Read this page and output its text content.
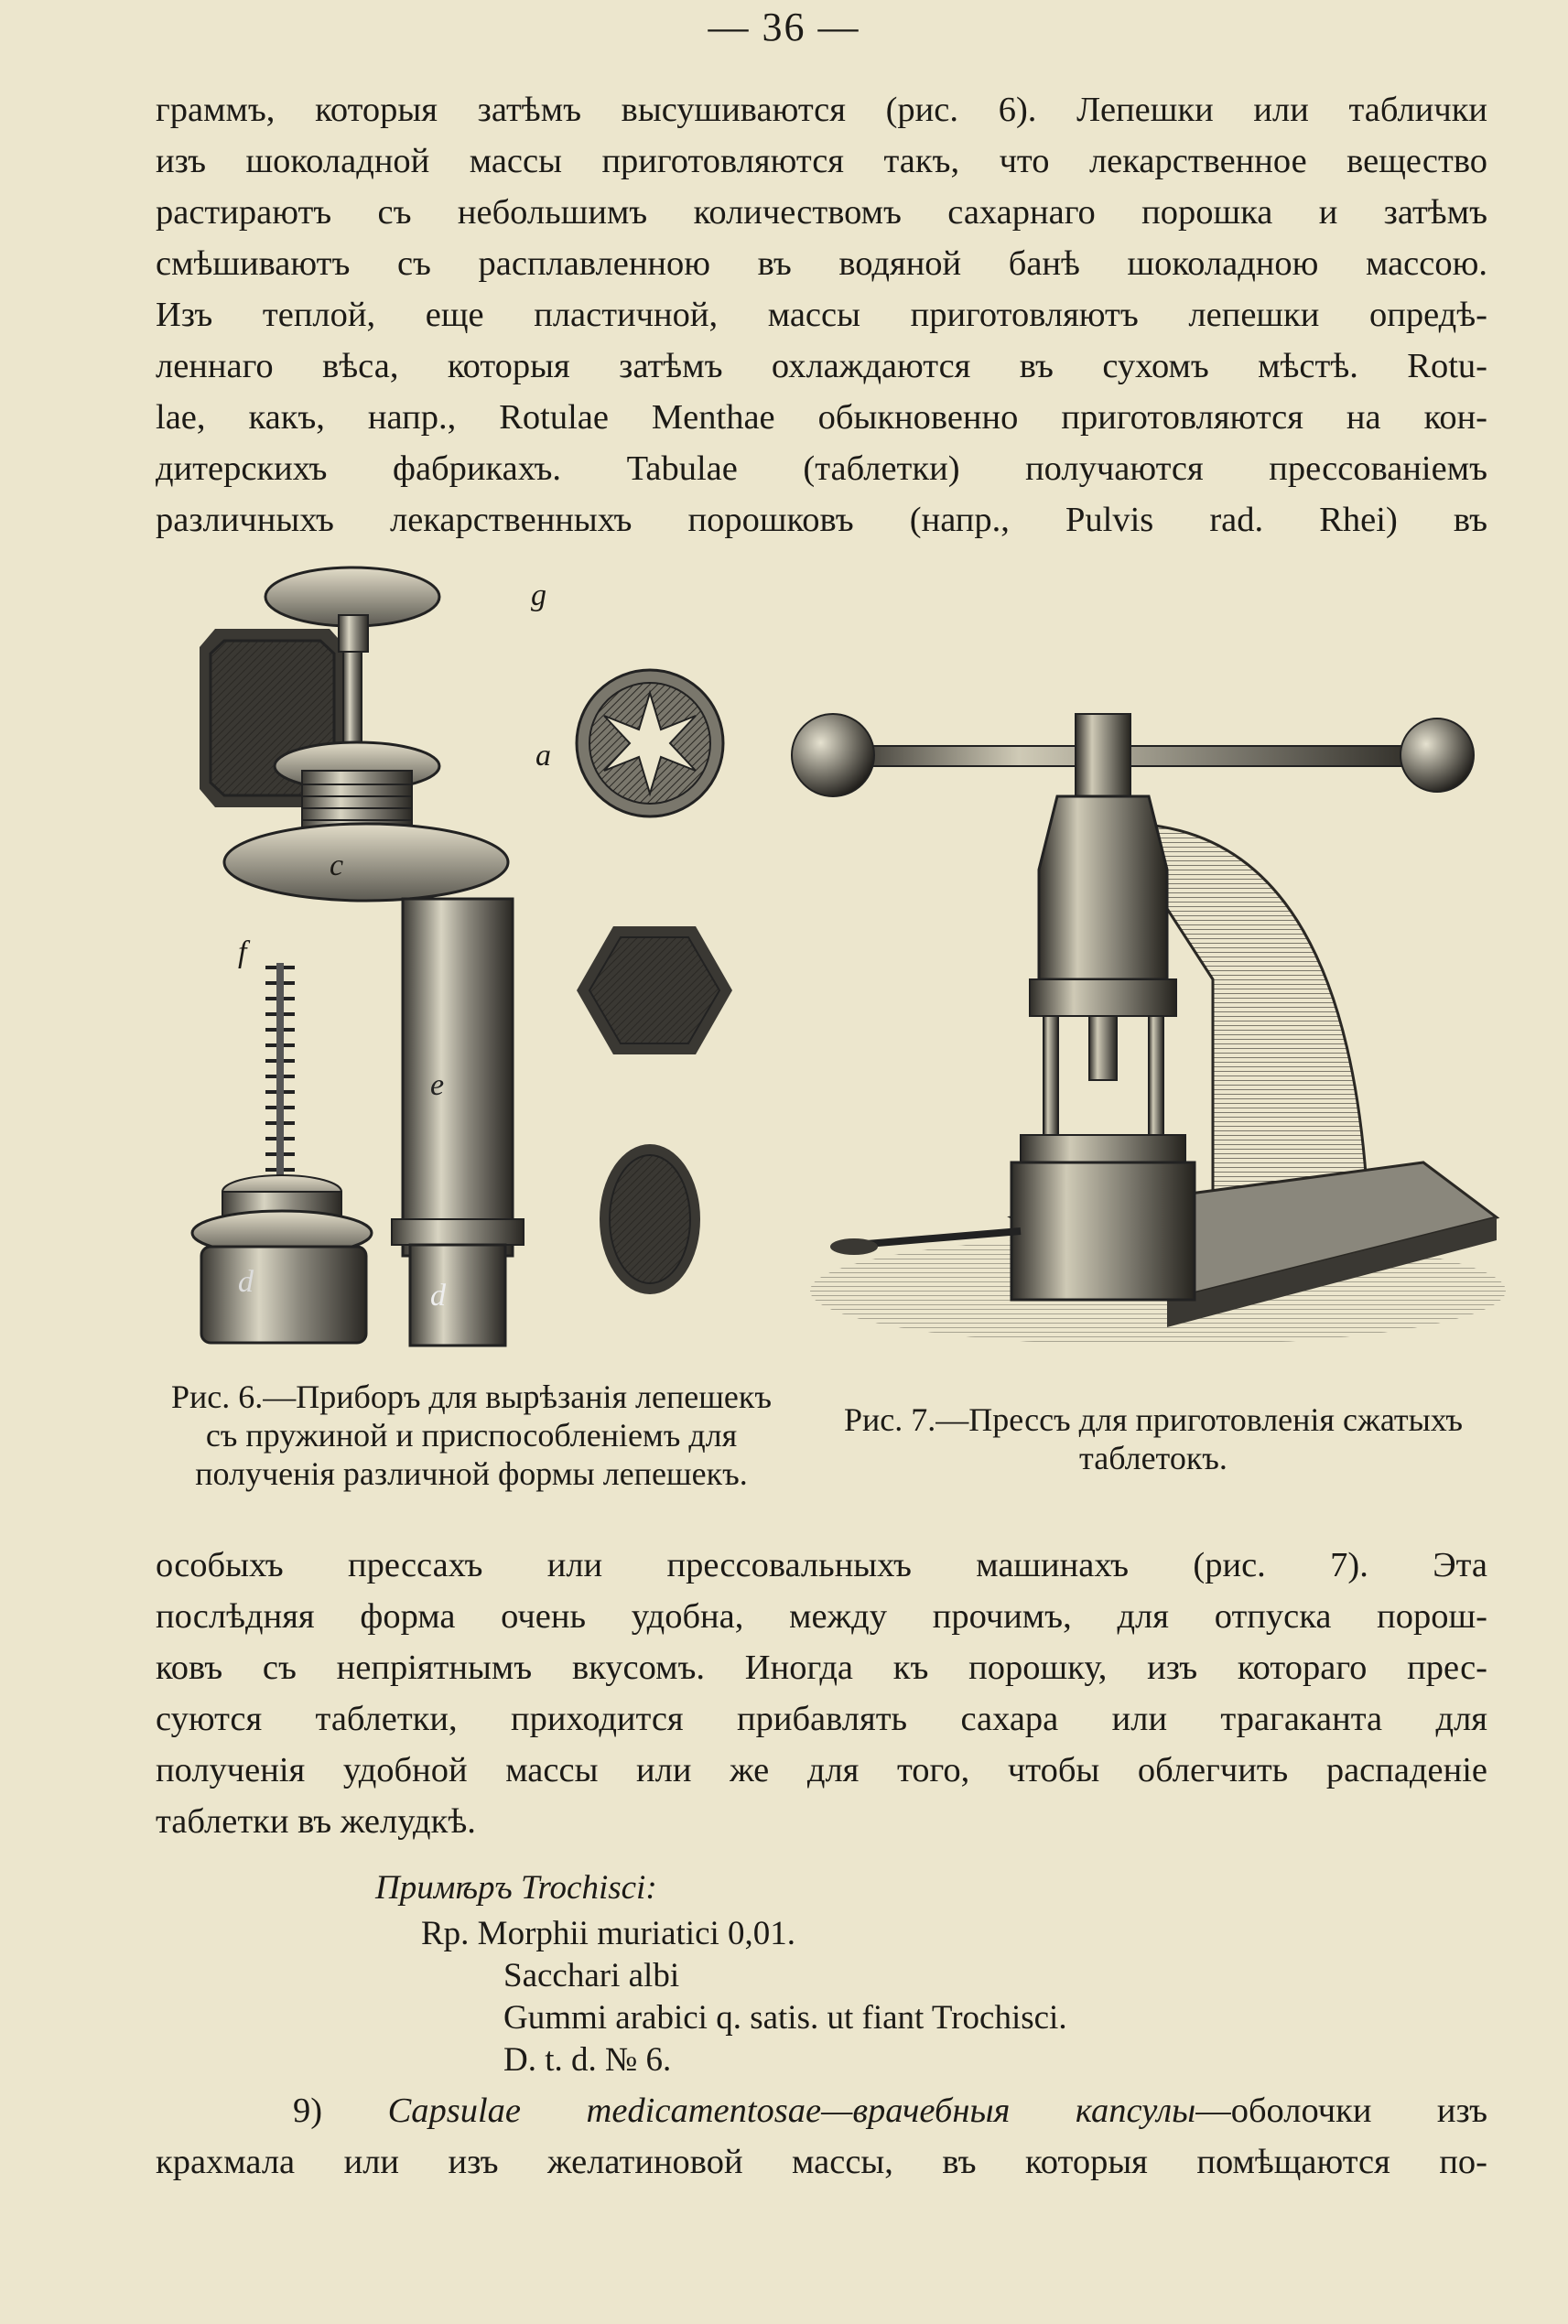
— 36 —

граммъ, которыя затѣмъ высушиваются (рис. 6). Лепешки или таблички
изъ шоколадной массы приготовляются такъ, что лекарственное вещество
растираютъ съ небольшимъ количествомъ сахарнаго порошка и затѣмъ
смѣшиваютъ съ расплавленною въ водяной банѣ шоколадною массою.
Изъ теплой, еще пластичной, массы приготовляютъ лепешки опредѣ-
леннаго вѣса, которыя затѣмъ охлаждаются въ сухомъ мѣстѣ. Rotu-
lae, какъ, напр., Rotulae Menthae обыкновенно приготовляются на кон-
дитерскихъ фабрикахъ. Tabulae (таблетки) получаются прессованіемъ
различныхъ лекарственныхъ порошковъ (напр., Pulvis rad. Rhei) въ

g
a
c
f
e
d	d

Рис. 6.—Приборъ для вырѣзанія лепешекъ съ пружиной и приспособленіемъ для полученія различной формы лепешекъ.

Рис. 7.—Прессъ для приготовленія сжатыхъ таблетокъ.

особыхъ прессахъ или прессовальныхъ машинахъ (рис. 7). Эта
послѣдняя форма очень удобна, между прочимъ, для отпуска порош-
ковъ съ непріятнымъ вкусомъ. Иногда къ порошку, изъ котораго прес-
суются таблетки, приходится прибавлять сахара или трагаканта для
полученія удобной массы или же для того, чтобы облегчить распаденіе
таблетки въ желудкѣ.

Примѣръ Trochisci:
Rp. Morphii muriatici 0,01.
Sacchari albi
Gummi arabici q. satis. ut fiant Trochisci.
D. t. d. № 6.

9) Capsulae medicamentosae—врачебныя капсулы—оболочки изъ
крахмала или изъ желатиновой массы, въ которыя помѣщаются по-
